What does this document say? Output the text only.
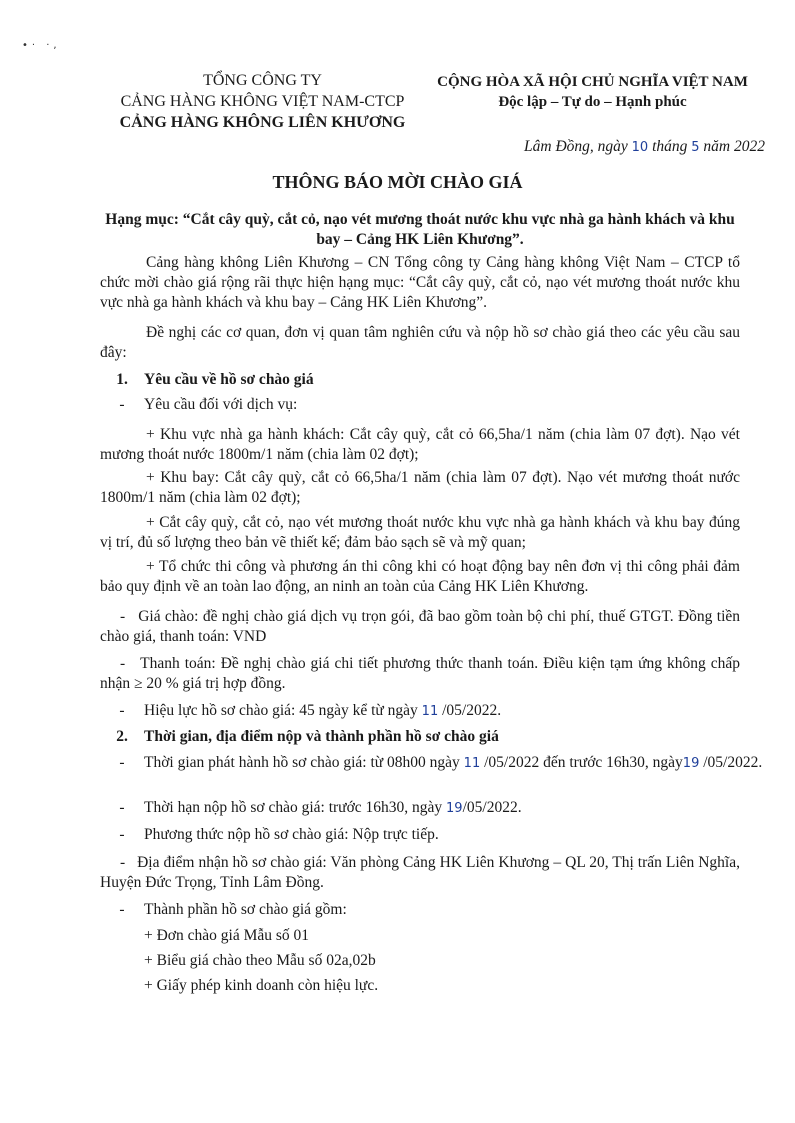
•· ·,
TỔNG CÔNG TY
CẢNG HÀNG KHÔNG VIỆT NAM-CTCP
CẢNG HÀNG KHÔNG LIÊN KHƯƠNG
CỘNG HÒA XÃ HỘI CHỦ NGHĨA VIỆT NAM
Độc lập – Tự do – Hạnh phúc
Lâm Đồng, ngày 10 tháng 5 năm 2022
THÔNG BÁO MỜI CHÀO GIÁ
Hạng mục: “Cắt cây quỳ, cắt cỏ, nạo vét mương thoát nước khu vực nhà ga hành khách và khu bay – Cảng HK Liên Khương”.
Cảng hàng không Liên Khương – CN Tổng công ty Cảng hàng không Việt Nam – CTCP tổ chức mời chào giá rộng rãi thực hiện hạng mục: “Cắt cây quỳ, cắt cỏ, nạo vét mương thoát nước khu vực nhà ga hành khách và khu bay – Cảng HK Liên Khương”.
Đề nghị các cơ quan, đơn vị quan tâm nghiên cứu và nộp hồ sơ chào giá theo các yêu cầu sau đây:
1. Yêu cầu về hồ sơ chào giá
- Yêu cầu đối với dịch vụ:
+ Khu vực nhà ga hành khách: Cắt cây quỳ, cắt cỏ 66,5ha/1 năm (chia làm 07 đợt). Nạo vét mương thoát nước 1800m/1 năm (chia làm 02 đợt);
+ Khu bay: Cắt cây quỳ, cắt cỏ 66,5ha/1 năm (chia làm 07 đợt). Nạo vét mương thoát nước 1800m/1 năm (chia làm 02 đợt);
+ Cắt cây quỳ, cắt cỏ, nạo vét mương thoát nước khu vực nhà ga hành khách và khu bay đúng vị trí, đủ số lượng theo bản vẽ thiết kế; đảm bảo sạch sẽ và mỹ quan;
+ Tổ chức thi công và phương án thi công khi có hoạt động bay nên đơn vị thi công phải đảm bảo quy định về an toàn lao động, an ninh an toàn của Cảng HK Liên Khương.
-   Giá chào: đề nghị chào giá dịch vụ trọn gói, đã bao gồm toàn bộ chi phí, thuế GTGT. Đồng tiền chào giá, thanh toán: VND
-   Thanh toán: Đề nghị chào giá chi tiết phương thức thanh toán. Điều kiện tạm ứng không chấp nhận ≥ 20 % giá trị hợp đồng.
- Hiệu lực hồ sơ chào giá: 45 ngày kể từ ngày 11 /05/2022.
2. Thời gian, địa điểm nộp và thành phần hồ sơ chào giá
- Thời gian phát hành hồ sơ chào giá: từ 08h00 ngày 11 /05/2022 đến trước 16h30, ngày19 /05/2022.
- Thời hạn nộp hồ sơ chào giá: trước 16h30, ngày 19/05/2022.
- Phương thức nộp hồ sơ chào giá: Nộp trực tiếp.
-   Địa điểm nhận hồ sơ chào giá: Văn phòng Cảng HK Liên Khương – QL 20, Thị trấn Liên Nghĩa, Huyện Đức Trọng, Tỉnh Lâm Đồng.
- Thành phần hồ sơ chào giá gồm:
+ Đơn chào giá Mẫu số 01
+ Biểu giá chào theo Mẫu số 02a,02b
+ Giấy phép kinh doanh còn hiệu lực.
